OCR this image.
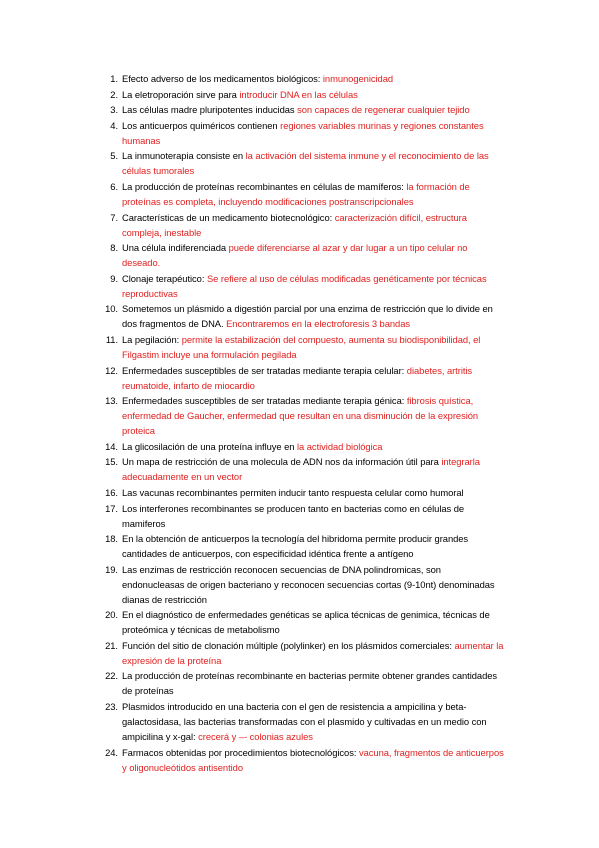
1. Efecto adverso de los medicamentos biológicos: inmunogenicidad
2. La eletroporación sirve para introducir DNA en las células
3. Las células madre pluripotentes inducidas son capaces de regenerar cualquier tejido
4. Los anticuerpos quiméricos contienen regiones variables murinas y regiones constantes humanas
5. La inmunoterapia consiste en la activación del sistema inmune y el reconocimiento de las células tumorales
6. La producción de proteínas recombinantes en células de mamíferos: la formación de proteínas es completa, incluyendo modificaciones postranscripcionales
7. Características de un medicamento biotecnológico: caracterización difícil, estructura compleja, inestable
8. Una célula indiferenciada puede diferenciarse al azar y dar lugar a un tipo celular no deseado.
9. Clonaje terapéutico: Se refiere al uso de células modificadas genéticamente por técnicas reproductivas
10. Sometemos un plásmido a digestión parcial por una enzima de restricción que lo divide en dos fragmentos de DNA. Encontraremos en la electroforesis 3 bandas
11. La pegilación: permite la estabilización del compuesto, aumenta su biodisponibilidad, el Filgastim incluye una formulación pegilada
12. Enfermedades susceptibles de ser tratadas mediante terapia celular: diabetes, artritis reumatoide, infarto de miocardio
13. Enfermedades susceptibles de ser tratadas mediante terapia génica: fibrosis quística, enfermedad de Gaucher, enfermedad que resultan en una disminución de la expresión proteica
14. La glicosilación de una proteína influye en la actividad biológica
15. Un mapa de restricción de una molecula de ADN nos da información útil para integrarla adecuadamente en un vector
16. Las vacunas recombinantes permiten inducir tanto respuesta celular como humoral
17. Los interferones recombinantes se producen tanto en bacterias como en células de mamiferos
18. En la obtención de anticuerpos la tecnología del hibridoma permite producir grandes cantidades de anticuerpos, con especificidad idéntica frente a antígeno
19. Las enzimas de restricción reconocen secuencias de DNA polindromicas, son endonucleasas de origen bacteriano y reconocen secuencias cortas (9-10nt) denominadas dianas de restricción
20. En el diagnóstico de enfermedades genéticas se aplica técnicas de genimica, técnicas de proteómica y técnicas de metabolismo
21. Función del sitio de clonación múltiple (polylinker) en los plásmidos comerciales: aumentar la expresión de la proteína
22. La producción de proteínas recombinante en bacterias permite obtener grandes cantidades de proteínas
23. Plasmidos introducido en una bacteria con el gen de resistencia a ampicilina y beta-galactosidasa, las bacterias transformadas con el plasmido y cultivadas en un medio con ampicilina y x-gal: crecerá y –- colonias azules
24. Farmacos obtenidas por procedimientos biotecnológicos: vacuna, fragmentos de anticuerpos y oligonucleótidos antisentido
